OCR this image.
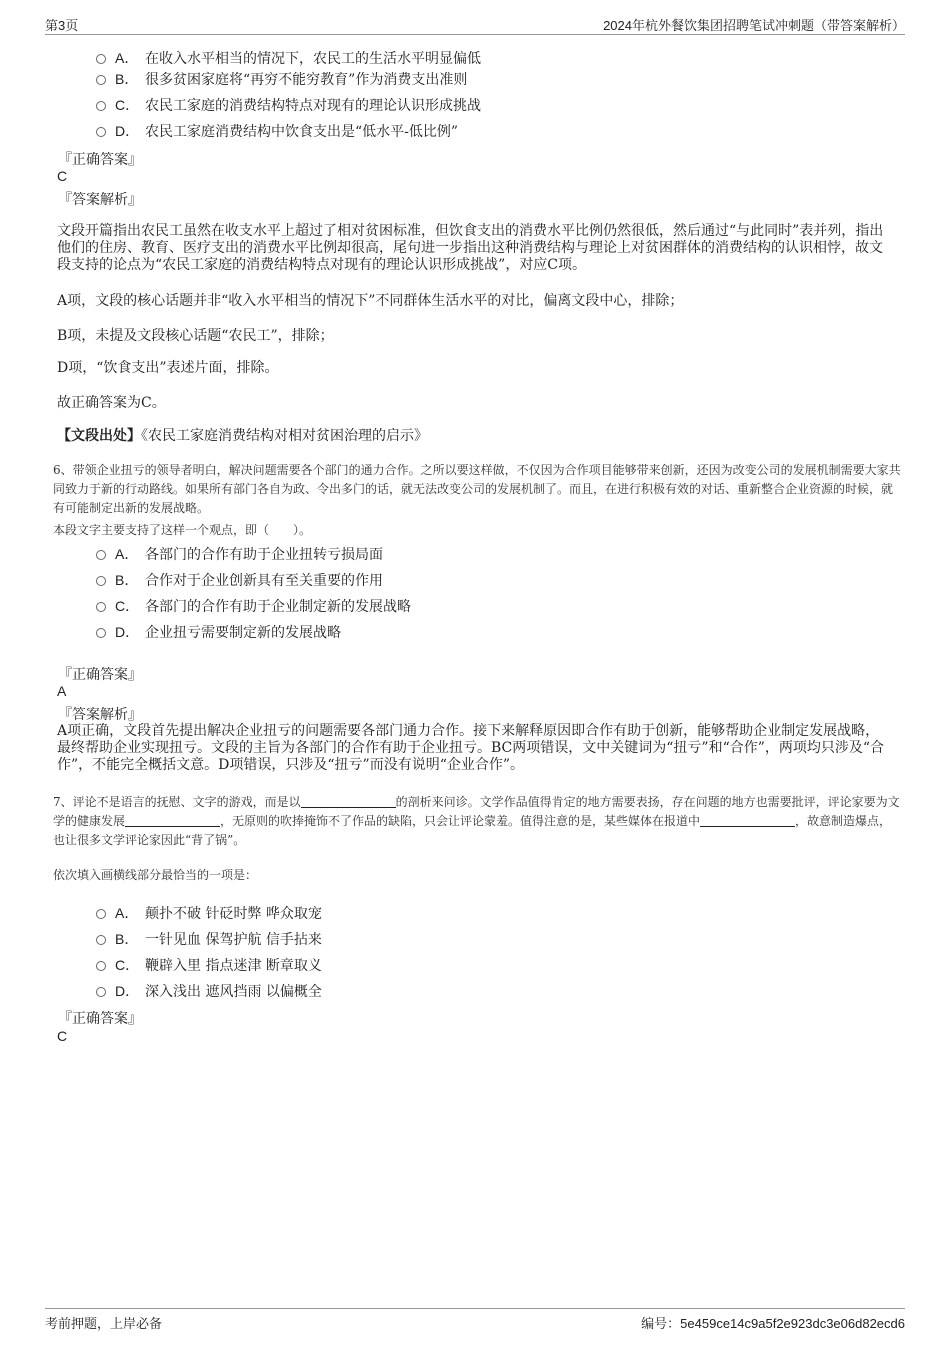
第3页	2024年杭外餐饮集团招聘笔试冲刺题（带答案解析）
A． 在收入水平相当的情况下，农民工的生活水平明显偏低
B． 很多贫困家庭将“再穷不能穷教育”作为消费支出准则
C． 农民工家庭的消费结构特点对现有的理论认识形成挑战
D． 农民工家庭消费结构中饮食支出是“低水平-低比例”
『正确答案』
C
『答案解析』
文段开篇指出农民工虽然在收支水平上超过了相对贫困标准，但饮食支出的消费水平比例仍然很低，然后通过“与此同时”表并列，指出他们的住房、教育、医疗支出的消费水平比例却很高，尾句进一步指出这种消费结构与理论上对贫困群体的消费结构的认识相悖，故文段支持的论点为“农民工家庭的消费结构特点对现有的理论认识形成挑战”，对应C项。
A项，文段的核心话题并非“收入水平相当的情况下”不同群体生活水平的对比，偏离文段中心，排除；
B项，未提及文段核心话题“农民工”，排除；
D项，“饮食支出”表述片面，排除。
故正确答案为C。
【文段出处】《农民工家庭消费结构对相对贫困治理的启示》
6、带领企业扭亏的领导者明白，解决问题需要各个部门的通力合作。之所以要这样做，不仅因为合作项目能够带来创新，还因为改变公司的发展机制需要大家共同致力于新的行动路线。如果所有部门各自为政、令出多门的话，就无法改变公司的发展机制了。而且，在进行积极有效的对话、重新整合企业资源的时候，就有可能制定出新的发展战略。
本段文字主要支持了这样一个观点，即（　　）。
A． 各部门的合作有助于企业扭转亏损局面
B． 合作对于企业创新具有至关重要的作用
C． 各部门的合作有助于企业制定新的发展战略
D． 企业扭亏需要制定新的发展战略
『正确答案』
A
『答案解析』
A项正确，文段首先提出解决企业扭亏的问题需要各部门通力合作。接下来解释原因即合作有助于创新，能够帮助企业制定发展战略，最终帮助企业实现扭亏。文段的主旨为各部门的合作有助于企业扭亏。BC两项错误，文中关键词为“扭亏”和“合作”，两项均只涉及“合作”，不能完全概括文意。D项错误，只涉及“扭亏”而没有说明“企业合作”。
7、评论不是语言的抚慰、文字的游戏，而是以	的剖析来问诊。文学作品值得肯定的地方需要表扬，存在问题的地方也需要批评，评论家要为文学的健康发展	，无原则的吹捧掩饰不了作品的缺陷，只会让评论蒙羞。值得注意的是，某些媒体在报道中	，故意制造爆点，也让很多文学评论家因此“背了锅”。
依次填入画横线部分最恰当的一项是：
A． 颠扑不破 针砭时弊 哗众取宠
B． 一针见血 保驾护航 信手拈来
C． 鞭辟入里 指点迷津 断章取义
D． 深入浅出 遮风挡雨 以偏概全
『正确答案』
C
考前押题，上岸必备	编号：5e459ce14c9a5f2e923dc3e06d82ecd6
